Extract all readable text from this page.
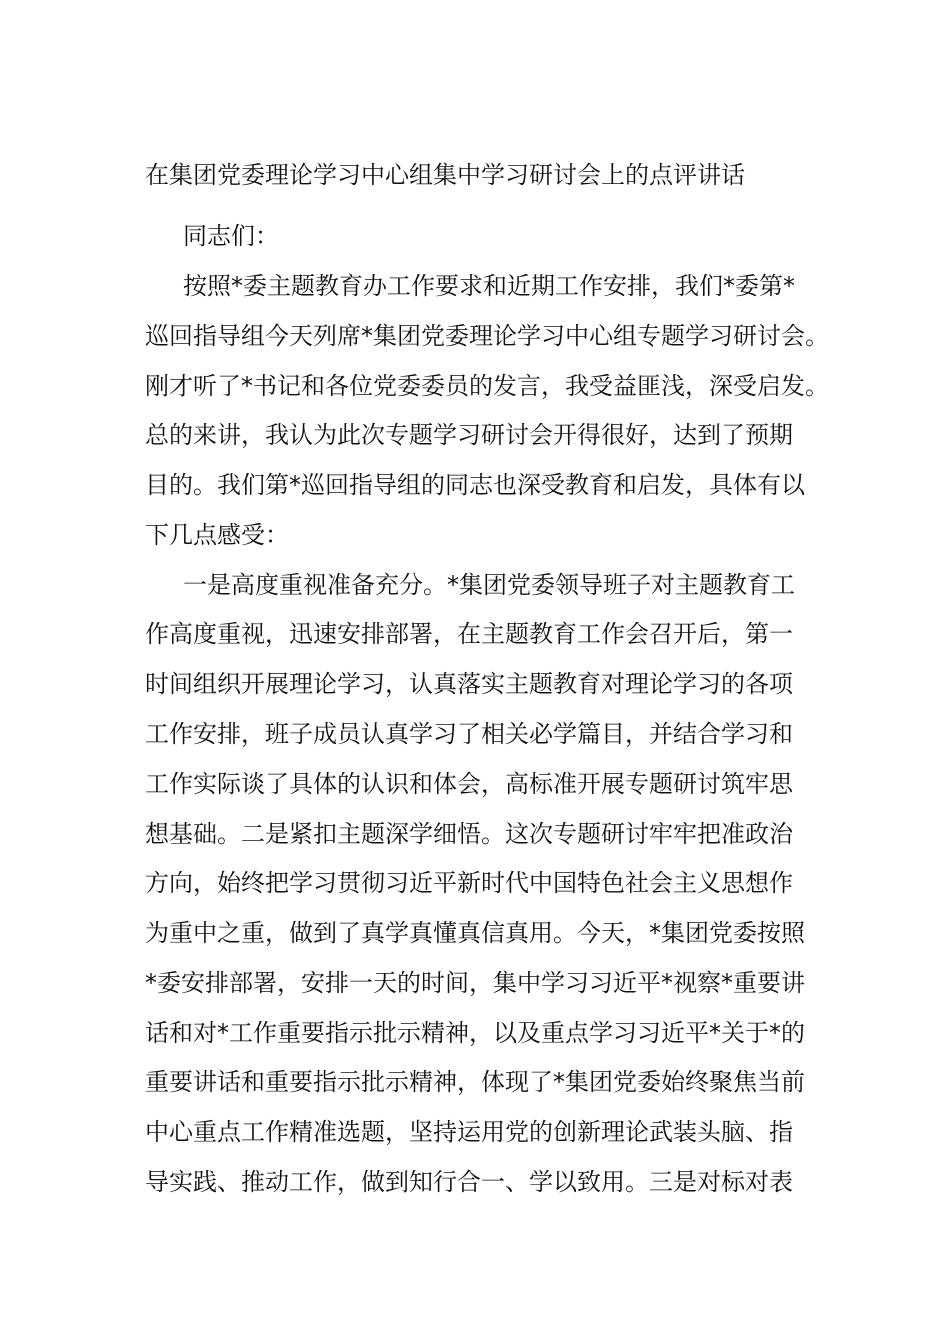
在集团党委理论学习中心组集中学习研讨会上的点评讲话
同志们：
按照*委主题教育办工作要求和近期工作安排，我们*委第*
巡回指导组今天列席*集团党委理论学习中心组专题学习研讨会。
刚才听了*书记和各位党委委员的发言，我受益匪浅，深受启发。
总的来讲，我认为此次专题学习研讨会开得很好，达到了预期
目的。我们第*巡回指导组的同志也深受教育和启发，具体有以
下几点感受：
一是高度重视准备充分。*集团党委领导班子对主题教育工
作高度重视，迅速安排部署，在主题教育工作会召开后，第一
时间组织开展理论学习，认真落实主题教育对理论学习的各项
工作安排，班子成员认真学习了相关必学篇目，并结合学习和
工作实际谈了具体的认识和体会，高标准开展专题研讨筑牢思
想基础。二是紧扣主题深学细悟。这次专题研讨牢牢把准政治
方向，始终把学习贯彻习近平新时代中国特色社会主义思想作
为重中之重，做到了真学真懂真信真用。今天，*集团党委按照
*委安排部署，安排一天的时间，集中学习习近平*视察*重要讲
话和对*工作重要指示批示精神，以及重点学习习近平*关于*的
重要讲话和重要指示批示精神，体现了*集团党委始终聚焦当前
中心重点工作精准选题，坚持运用党的创新理论武装头脑、指
导实践、推动工作，做到知行合一、学以致用。三是对标对表
